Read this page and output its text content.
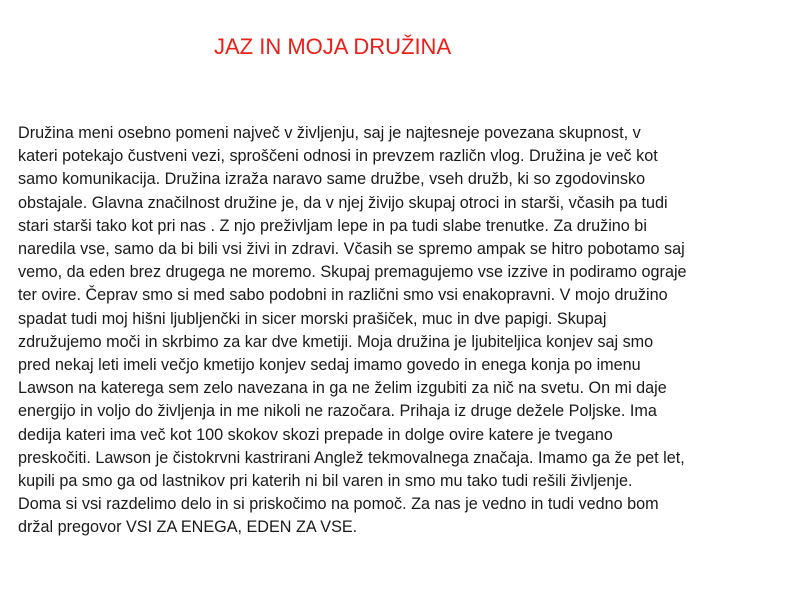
JAZ IN MOJA DRUŽINA
Družina meni osebno pomeni največ v življenju, saj je najtesneje povezana skupnost, v
kateri potekajo čustveni vezi, sproščeni odnosi in prevzem različn vlog. Družina je več kot
samo komunikacija. Družina izraža naravo same družbe, vseh družb, ki so zgodovinsko
obstajale. Glavna značilnost družine je, da v njej živijo skupaj otroci in starši, včasih pa tudi
stari starši tako kot pri nas . Z njo preživljam lepe in pa tudi slabe trenutke. Za družino bi
naredila vse, samo da bi bili vsi živi in zdravi. Včasih se spremo ampak se hitro pobotamo saj
vemo, da eden brez drugega ne moremo. Skupaj premagujemo vse izzive in podiramo ograje
ter ovire. Čeprav smo si med sabo podobni in različni smo vsi enakopravni. V mojo družino
spadat tudi moj hišni ljubljenčki in sicer morski prašiček, muc in dve papigi. Skupaj
združujemo moči in skrbimo za kar dve kmetiji. Moja družina je ljubiteljica konjev saj smo
pred nekaj leti imeli večjo kmetijo konjev sedaj imamo govedo in enega konja po imenu
Lawson na katerega sem zelo navezana in ga ne želim izgubiti za nič na svetu. On mi daje
energijo in voljo do življenja in me nikoli ne razočara. Prihaja iz druge dežele Poljske. Ima
dedija kateri ima več kot 100 skokov skozi prepade in dolge ovire katere je tvegano
preskočiti. Lawson je čistokrvni kastrirani Anglež tekmovalnega značaja. Imamo ga že pet let,
kupili pa smo ga od lastnikov pri katerih ni bil varen in smo mu tako tudi rešili življenje.
Doma si vsi razdelimo delo in si priskočimo na pomoč. Za nas je vedno in tudi vedno bom
držal pregovor VSI ZA ENEGA, EDEN ZA VSE.
